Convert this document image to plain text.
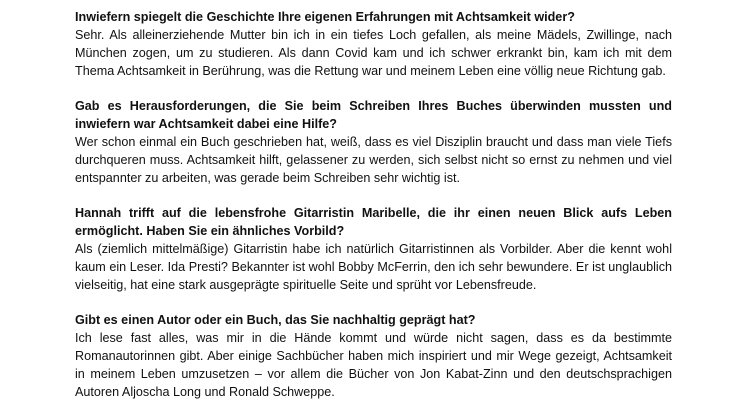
Inwiefern spiegelt die Geschichte Ihre eigenen Erfahrungen mit Achtsamkeit wider?

Sehr. Als alleinerziehende Mutter bin ich in ein tiefes Loch gefallen, als meine Mädels, Zwillinge, nach München zogen, um zu studieren. Als dann Covid kam und ich schwer erkrankt bin, kam ich mit dem Thema Achtsamkeit in Berührung, was die Rettung war und meinem Leben eine völlig neue Richtung gab.

Gab es Herausforderungen, die Sie beim Schreiben Ihres Buches überwinden mussten und inwiefern war Achtsamkeit dabei eine Hilfe?

Wer schon einmal ein Buch geschrieben hat, weiß, dass es viel Disziplin braucht und dass man viele Tiefs durchqueren muss. Achtsamkeit hilft, gelassener zu werden, sich selbst nicht so ernst zu nehmen und viel entspannter zu arbeiten, was gerade beim Schreiben sehr wichtig ist.

Hannah trifft auf die lebensfrohe Gitarristin Maribelle, die ihr einen neuen Blick aufs Leben ermöglicht. Haben Sie ein ähnliches Vorbild?

Als (ziemlich mittelmäßige) Gitarristin habe ich natürlich Gitarristinnen als Vorbilder. Aber die kennt wohl kaum ein Leser. Ida Presti? Bekannter ist wohl Bobby McFerrin, den ich sehr bewundere. Er ist unglaublich vielseitig, hat eine stark ausgeprägte spirituelle Seite und sprüht vor Lebensfreude.

Gibt es einen Autor oder ein Buch, das Sie nachhaltig geprägt hat?

Ich lese fast alles, was mir in die Hände kommt und würde nicht sagen, dass es da bestimmte Romanautorinnen gibt. Aber einige Sachbücher haben mich inspiriert und mir Wege gezeigt, Achtsamkeit in meinem Leben umzusetzen – vor allem die Bücher von Jon Kabat-Zinn und den deutschsprachigen Autoren Aljoscha Long und Ronald Schweppe.
